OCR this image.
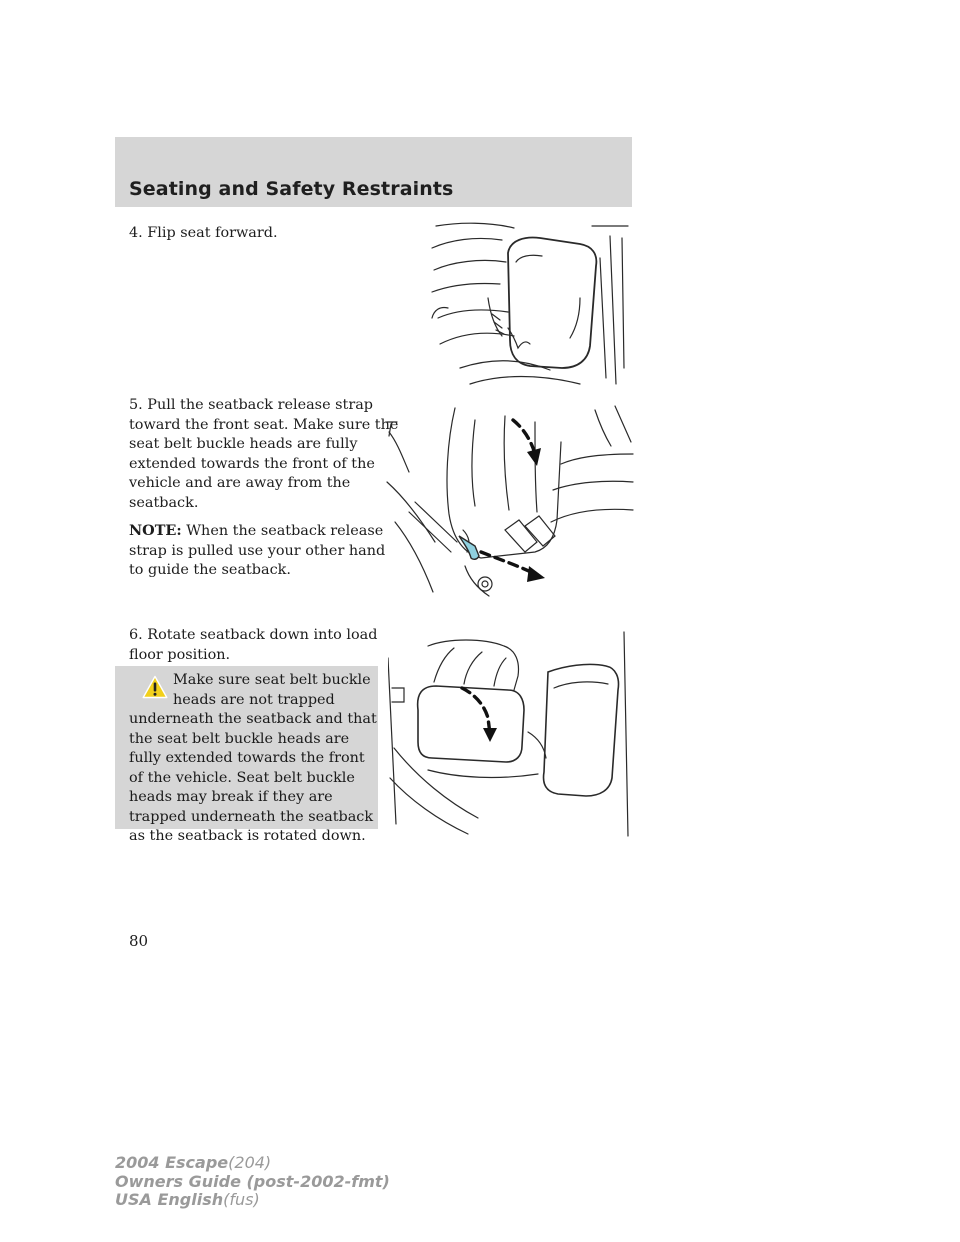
Seating and Safety Restraints

4. Flip seat forward.

5. Pull the seatback release strap
toward the front seat. Make sure the
seat belt buckle heads are fully
extended towards the front of the
vehicle and are away from the
seatback.
NOTE: When the seatback release
strap is pulled use your other hand
to guide the seatback.
6. Rotate seatback down into load
floor position.
Make sure seat belt buckle
heads are not trapped
underneath the seatback and that
the seat belt buckle heads are
fully extended towards the front
of the vehicle. Seat belt buckle
heads may break if they are
trapped underneath the seatback
as the seatback is rotated down.

80

2004 Escape(204)

Owners Guide (post-2002-fmt)

USA English(fus)
